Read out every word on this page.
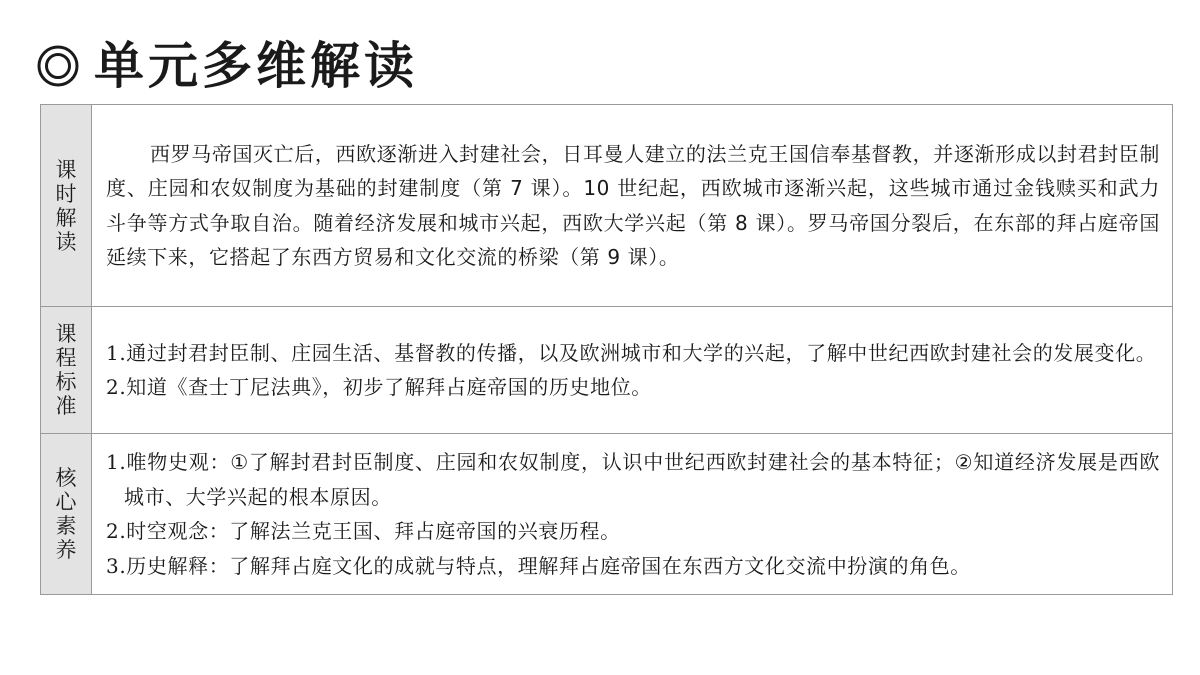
单元多维解读
课时解读	西罗马帝国灭亡后，西欧逐渐进入封建社会，日耳曼人建立的法兰克王国信奉基督教，并逐渐形成以封君封臣制度、庄园和农奴制度为基础的封建制度（第 7 课）。10 世纪起，西欧城市逐渐兴起，这些城市通过金钱赎买和武力斗争等方式争取自治。随着经济发展和城市兴起，西欧大学兴起（第 8 课）。罗马帝国分裂后，在东部的拜占庭帝国延续下来，它搭起了东西方贸易和文化交流的桥梁（第 9 课）。

课程标准	1.通过封君封臣制、庄园生活、基督教的传播，以及欧洲城市和大学的兴起，了解中世纪西欧封建社会的发展变化。

2.知道《查士丁尼法典》，初步了解拜占庭帝国的历史地位。

核心素养	1.唯物史观：①了解封君封臣制度、庄园和农奴制度，认识中世纪西欧封建社会的基本特征；②知道经济发展是西欧城市、大学兴起的根本原因。

2.时空观念：了解法兰克王国、拜占庭帝国的兴衰历程。

3.历史解释：了解拜占庭文化的成就与特点，理解拜占庭帝国在东西方文化交流中扮演的角色。
